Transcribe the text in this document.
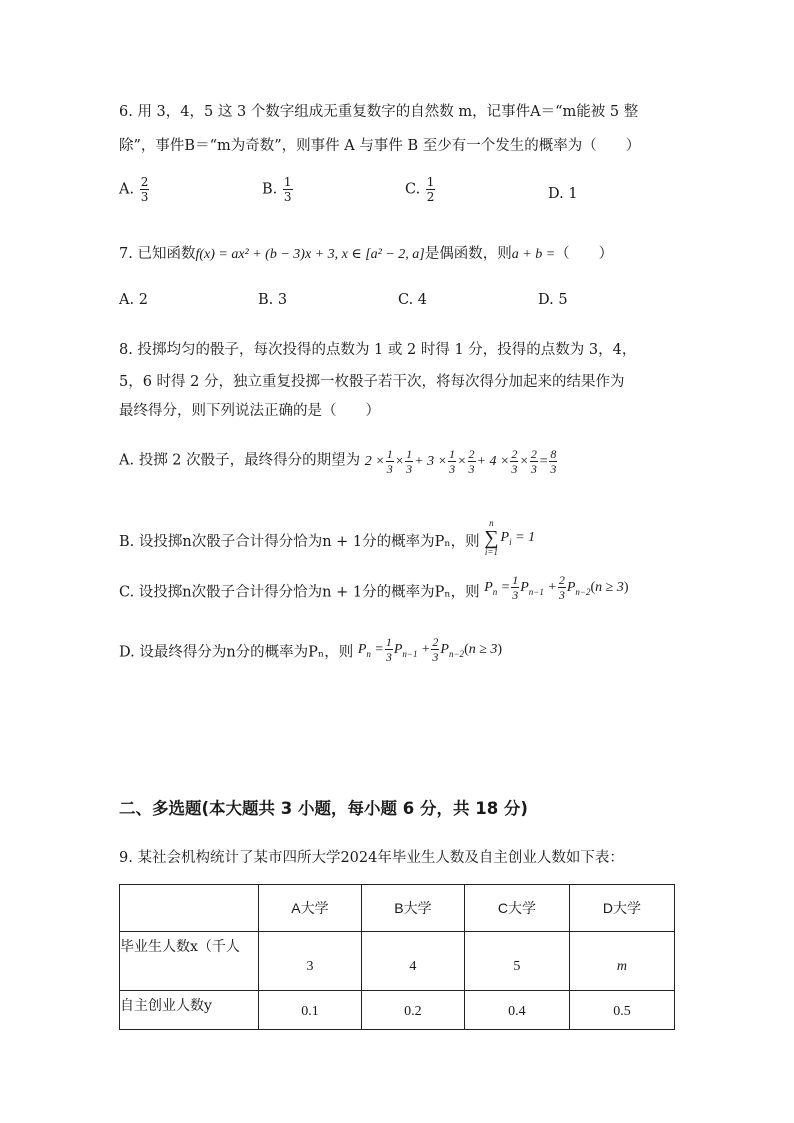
6. 用 3，4，5 这 3 个数字组成无重复数字的自然数 m，记事件A＝“m能被 5 整
除”，事件B＝“m为奇数”，则事件 A 与事件 B 至少有一个发生的概率为（　　）
A. $\frac{2}{3}$	B. $\frac{1}{3}$	C. $\frac{1}{2}$	D. 1
7. 已知函数f(x) = ax² + (b − 3)x + 3, x ∈ [a² − 2, a]是偶函数，则a + b =（　　）
A. 2	B. 3	C. 4	D. 5
8. 投掷均匀的骰子，每次投得的点数为 1 或 2 时得 1 分，投得的点数为 3，4，
5，6 时得 2 分，独立重复投掷一枚骰子若干次，将每次得分加起来的结果作为
最终得分，则下列说法正确的是（　　）
A. 投掷 2 次骰子，最终得分的期望为 $2 \times \frac{1}{3} \times \frac{1}{3} + 3 \times \frac{1}{3} \times \frac{2}{3} + 4 \times \frac{2}{3} \times \frac{2}{3} = \frac{8}{3}$
B. 设投掷n次骰子合计得分恰为n + 1分的概率为Pₙ，则
n
∑
i=1
$P_i = 1$
C. 设投掷n次骰子合计得分恰为n + 1分的概率为Pₙ，则 $P_n = \frac{1}{3} P_{n-1} + \frac{2}{3} P_{n-2}(n \ge 3)$
D. 设最终得分为n分的概率为Pₙ，则 $P_n = \frac{1}{3} P_{n-1} + \frac{2}{3} P_{n-2}(n \ge 3)$
二、多选题(本大题共 3 小题，每小题 6 分，共 18 分)
9. 某社会机构统计了某市四所大学2024年毕业生人数及自主创业人数如下表：
	A大学	B大学	C大学	D大学
毕业生人数x（千人	3	4	5	m
自主创业人数y	0.1	0.2	0.4	0.5
